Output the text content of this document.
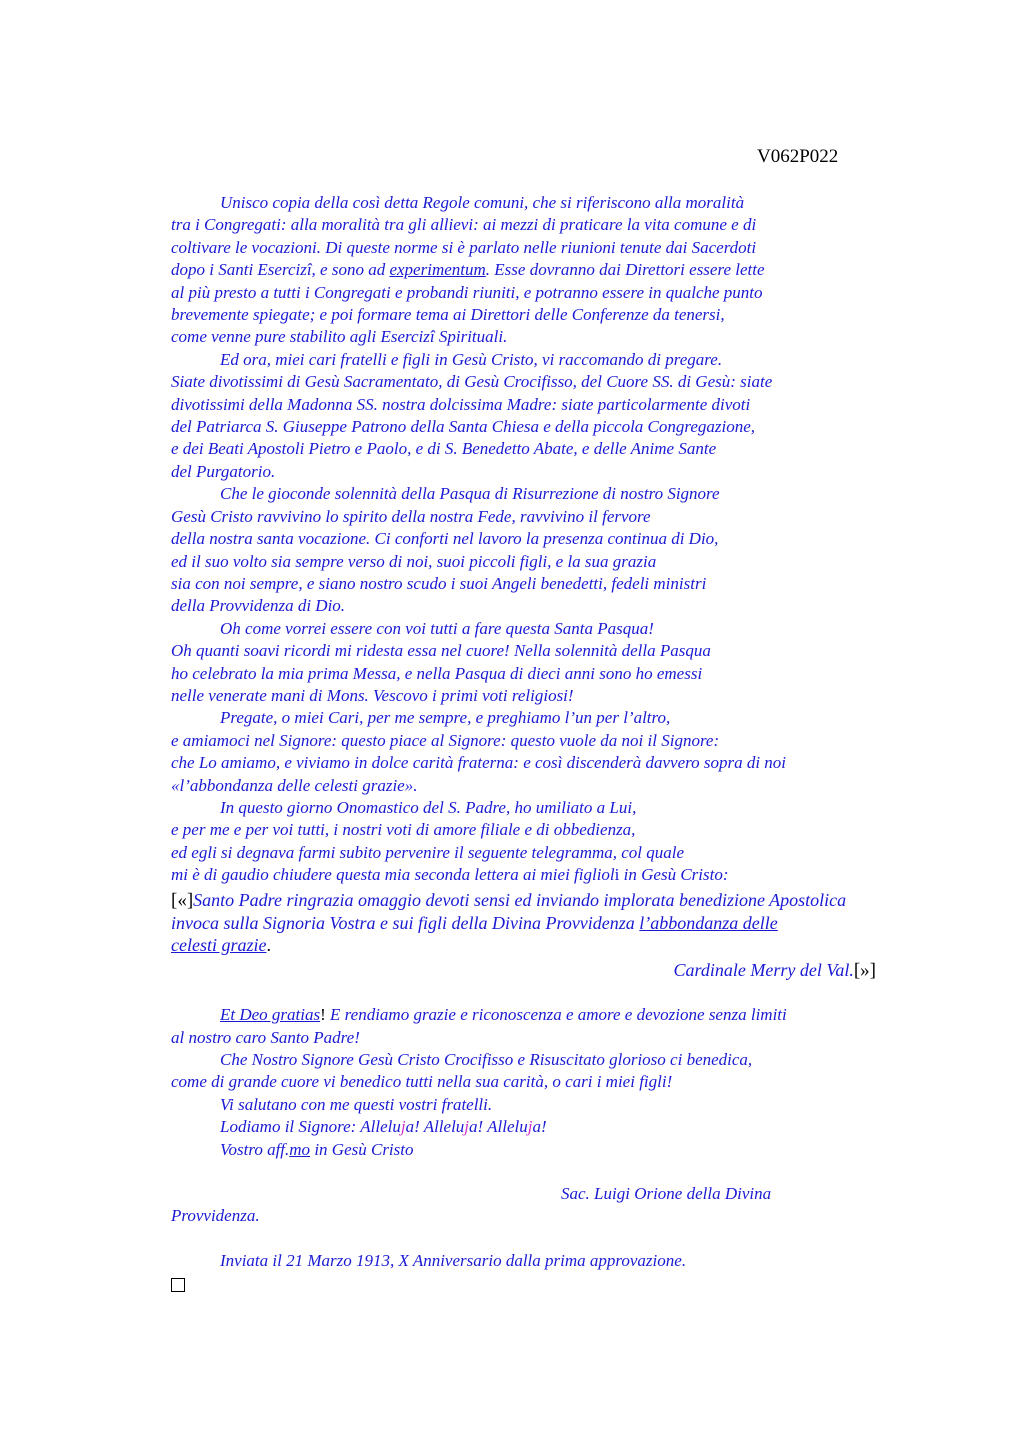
V062P022

Unisco copia della così detta Regole comuni, che si riferiscono alla moralità

tra i Congregati: alla moralità tra gli allievi: ai mezzi di praticare la vita comune e di

coltivare le vocazioni. Di queste norme si è parlato nelle riunioni tenute dai Sacerdoti

dopo i Santi Esercizî, e sono ad experimentum. Esse dovranno dai Direttori essere lette

al più presto a tutti i Congregati e probandi riuniti, e potranno essere in qualche punto

brevemente spiegate; e poi formare tema ai Direttori delle Conferenze da tenersi,

come venne pure stabilito agli Esercizî Spirituali.

Ed ora, miei cari fratelli e figli in Gesù Cristo, vi raccomando di pregare.

Siate divotissimi di Gesù Sacramentato, di Gesù Crocifisso, del Cuore SS. di Gesù: siate

divotissimi della Madonna SS. nostra dolcissima Madre: siate particolarmente divoti

del Patriarca S. Giuseppe Patrono della Santa Chiesa e della piccola Congregazione,

e dei Beati Apostoli Pietro e Paolo, e di S. Benedetto Abate, e delle Anime Sante

del Purgatorio.

Che le gioconde solennità della Pasqua di Risurrezione di nostro Signore

Gesù Cristo ravvivino lo spirito della nostra Fede, ravvivino il fervore

della nostra santa vocazione. Ci conforti nel lavoro la presenza continua di Dio,

ed il suo volto sia sempre verso di noi, suoi piccoli figli, e la sua grazia

sia con noi sempre, e siano nostro scudo i suoi Angeli benedetti, fedeli ministri

della Provvidenza di Dio.

Oh come vorrei essere con voi tutti a fare questa Santa Pasqua!

Oh quanti soavi ricordi mi ridesta essa nel cuore! Nella solennità della Pasqua

ho celebrato la mia prima Messa, e nella Pasqua di dieci anni sono ho emessi

nelle venerate mani di Mons. Vescovo i primi voti religiosi!

Pregate, o miei Cari, per me sempre, e preghiamo l’un per l’altro,

e amiamoci nel Signore: questo piace al Signore: questo vuole da noi il Signore:

che Lo amiamo, e viviamo in dolce carità fraterna: e così discenderà davvero sopra di noi

«l’abbondanza delle celesti grazie».

In questo giorno Onomastico del S. Padre, ho umiliato a Lui,

e per me e per voi tutti, i nostri voti di amore filiale e di obbedienza,

ed egli si degnava farmi subito pervenire il seguente telegramma, col quale

mi è di gaudio chiudere questa mia seconda lettera ai miei figlioli in Gesù Cristo:

[«]Santo Padre ringrazia omaggio devoti sensi ed inviando implorata benedizione Apostolica

invoca sulla Signoria Vostra e sui figli della Divina Provvidenza l’abbondanza delle

celesti grazie.

Cardinale Merry del Val.[»]

Et Deo gratias! E rendiamo grazie e riconoscenza e amore e devozione senza limiti

al nostro caro Santo Padre!

Che Nostro Signore Gesù Cristo Crocifisso e Risuscitato glorioso ci benedica,

come di grande cuore vi benedico tutti nella sua carità, o cari i miei figli!

Vi salutano con me questi vostri fratelli.

Lodiamo il Signore: Alleluja! Alleluja! Alleluja!

Vostro aff.mo in Gesù Cristo

Sac. Luigi Orione della Divina

Provvidenza.

Inviata il 21 Marzo 1913, X Anniversario dalla prima approvazione.
